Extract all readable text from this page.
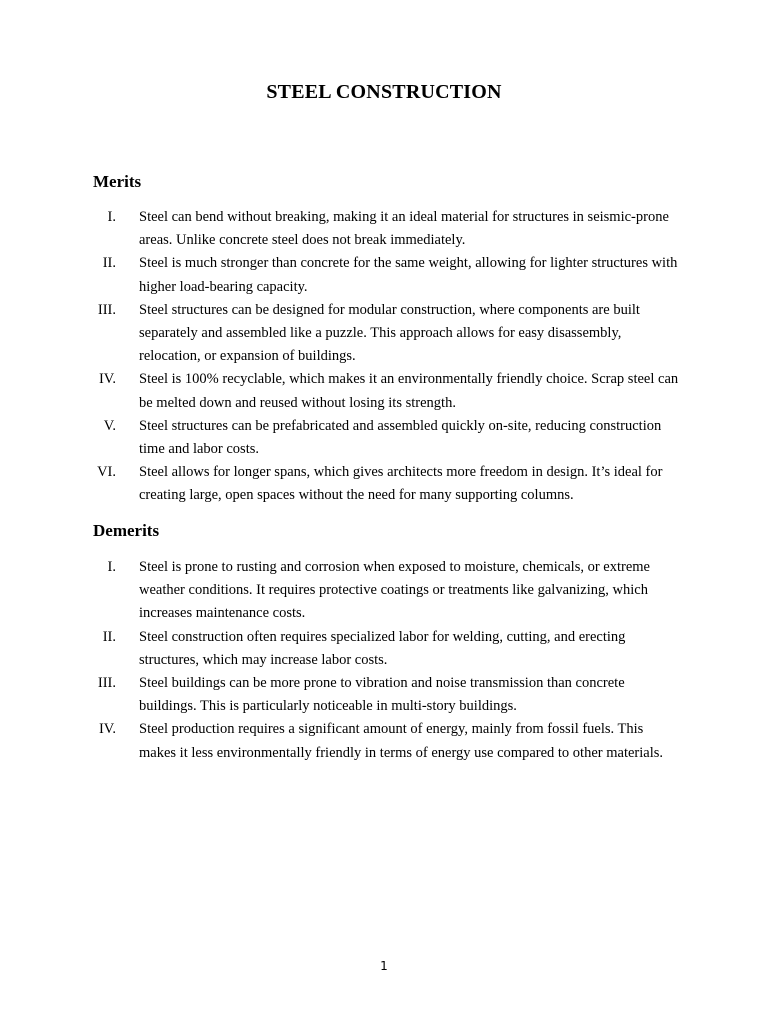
STEEL CONSTRUCTION
Merits
I. Steel can bend without breaking, making it an ideal material for structures in seismic-prone areas. Unlike concrete steel does not break immediately.
II. Steel is much stronger than concrete for the same weight, allowing for lighter structures with higher load-bearing capacity.
III. Steel structures can be designed for modular construction, where components are built separately and assembled like a puzzle. This approach allows for easy disassembly, relocation, or expansion of buildings.
IV. Steel is 100% recyclable, which makes it an environmentally friendly choice. Scrap steel can be melted down and reused without losing its strength.
V. Steel structures can be prefabricated and assembled quickly on-site, reducing construction time and labor costs.
VI. Steel allows for longer spans, which gives architects more freedom in design. It’s ideal for creating large, open spaces without the need for many supporting columns.
Demerits
I. Steel is prone to rusting and corrosion when exposed to moisture, chemicals, or extreme weather conditions. It requires protective coatings or treatments like galvanizing, which increases maintenance costs.
II. Steel construction often requires specialized labor for welding, cutting, and erecting structures, which may increase labor costs.
III. Steel buildings can be more prone to vibration and noise transmission than concrete buildings. This is particularly noticeable in multi-story buildings.
IV. Steel production requires a significant amount of energy, mainly from fossil fuels. This makes it less environmentally friendly in terms of energy use compared to other materials.
1
